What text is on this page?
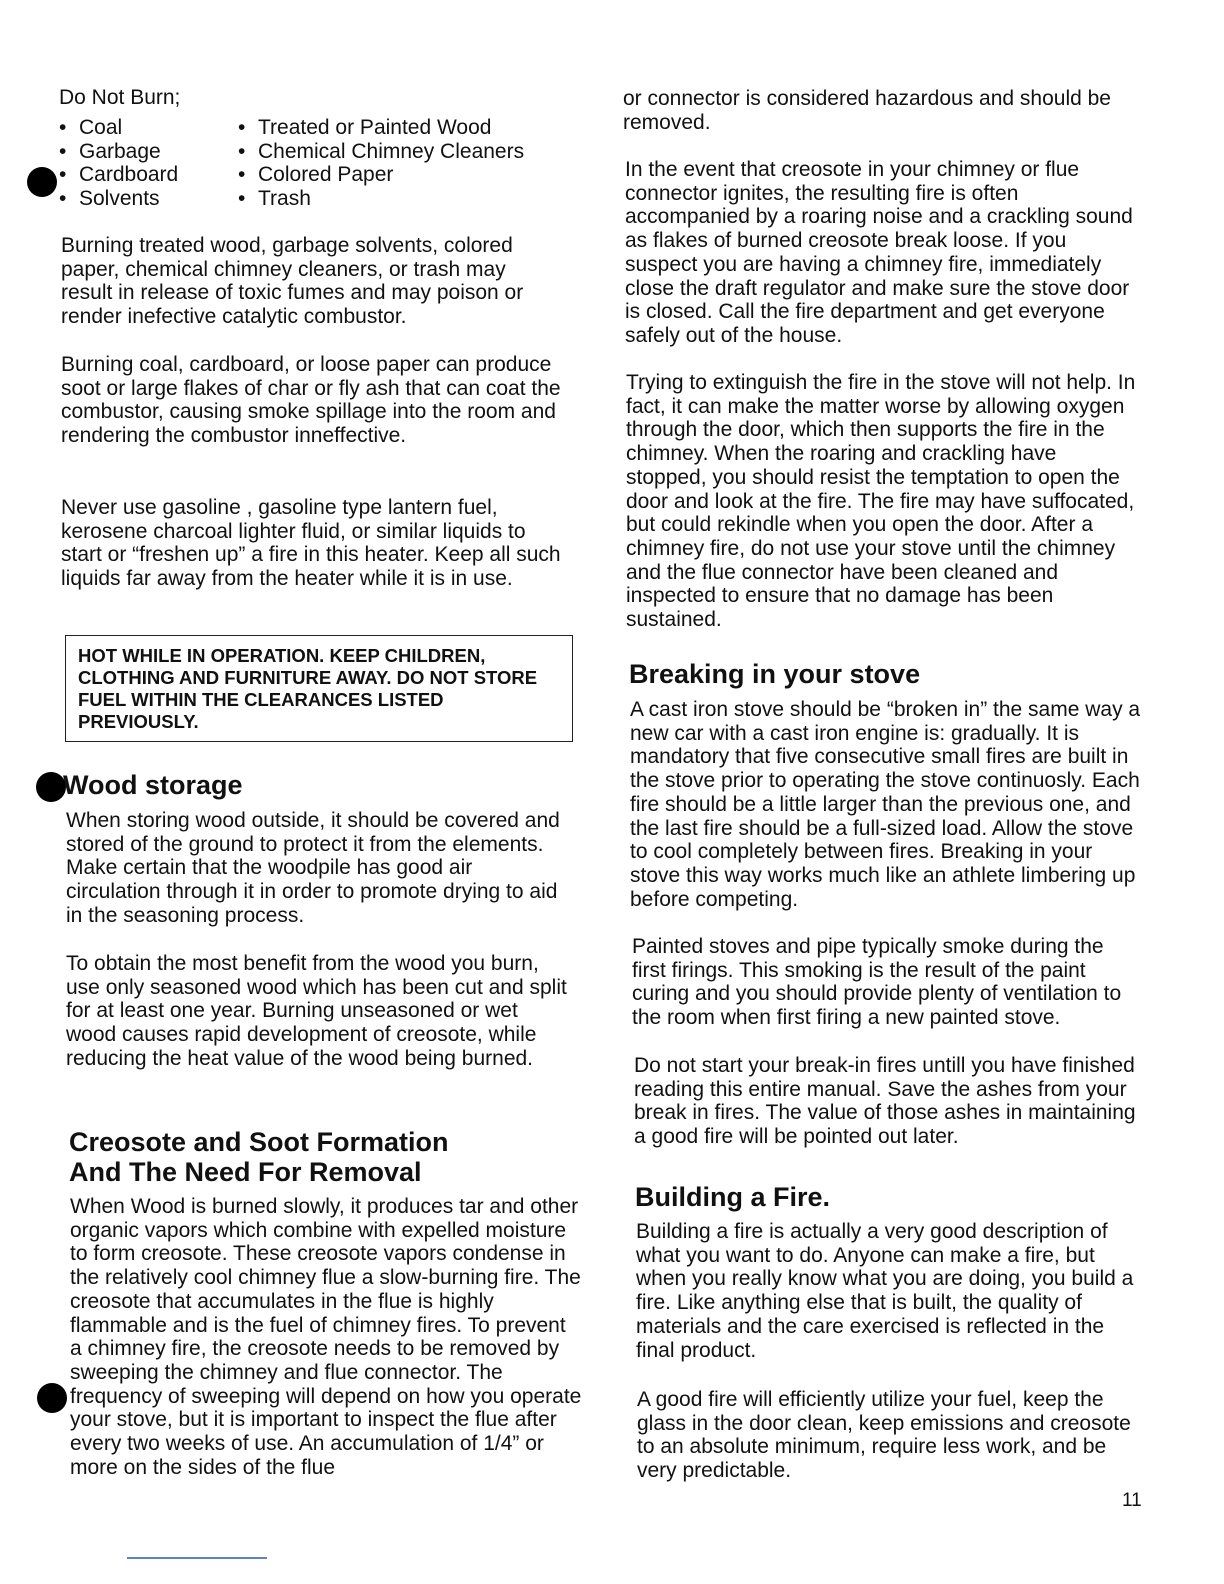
Do Not Burn;
• Coal
• Garbage
• Cardboard
• Solvents
• Treated or Painted Wood
• Chemical Chimney Cleaners
• Colored Paper
• Trash

Burning treated wood, garbage solvents, colored paper, chemical chimney cleaners, or trash may result in release of toxic fumes and may poison or render inefective catalytic combustor.

Burning coal, cardboard, or loose paper can produce soot or large flakes of char or fly ash that can coat the combustor, causing smoke spillage into the room and rendering the combustor inneffective.

Never use gasoline , gasoline type lantern fuel, kerosene charcoal lighter fluid, or similar liquids to start or “freshen up” a fire in this heater. Keep all such liquids far away from the heater while it is in use.

HOT WHILE IN OPERATION. KEEP CHILDREN, CLOTHING AND FURNITURE AWAY. DO NOT STORE FUEL WITHIN THE CLEARANCES LISTED PREVIOUSLY.
Wood storage

When storing wood outside, it should be covered and stored of the ground to protect it from the elements. Make certain that the woodpile has good air circulation through it in order to promote drying to aid in the seasoning process.

To obtain the most benefit from the wood you burn, use only seasoned wood which has been cut and split for at least one year. Burning unseasoned or wet wood causes rapid development of creosote, while reducing the heat value of the wood being burned.

Creosote and Soot Formation
And The Need For Removal

When Wood is burned slowly, it produces tar and other organic vapors which combine with expelled moisture to form creosote. These creosote vapors condense in the relatively cool chimney flue a slow-burning fire. The creosote that accumulates in the flue is highly flammable and is the fuel of chimney fires. To prevent a chimney fire, the creosote needs to be removed by sweeping the chimney and flue connector. The frequency of sweeping will depend on how you operate your stove, but it is important to inspect the flue after every two weeks of use. An accumulation of 1/4” or more on the sides of the flue

or connector is considered hazardous and should be removed.

In the event that creosote in your chimney or flue connector ignites, the resulting fire is often accompanied by a roaring noise and a crackling sound as flakes of burned creosote break loose. If you suspect you are having a chimney fire, immediately close the draft regulator and make sure the stove door is closed. Call the fire department and get everyone safely out of the house.

Trying to extinguish the fire in the stove will not help. In fact, it can make the matter worse by allowing oxygen through the door, which then supports the fire in the chimney. When the roaring and crackling have stopped, you should resist the temptation to open the door and look at the fire. The fire may have suffocated, but could rekindle when you open the door. After a chimney fire, do not use your stove until the chimney and the flue connector have been cleaned and inspected to ensure that no damage has been sustained.

Breaking in your stove

A cast iron stove should be “broken in” the same way a new car with a cast iron engine is: gradually. It is mandatory that five consecutive small fires are built in the stove prior to operating the stove continuosly. Each fire should be a little larger than the previous one, and the last fire should be a full-sized load. Allow the stove to cool completely between fires. Breaking in your stove this way works much like an athlete limbering up before competing.

Painted stoves and pipe typically smoke during the first firings. This smoking is the result of the paint curing and you should provide plenty of ventilation to the room when first firing a new painted stove.

Do not start your break-in fires untill you have finished reading this entire manual. Save the ashes from your break in fires. The value of those ashes in maintaining a good fire will be pointed out later.

Building a Fire.

Building a fire is actually a very good description of what you want to do. Anyone can make a fire, but when you really know what you are doing, you build a fire. Like anything else that is built, the quality of materials and the care exercised is reflected in the final product.

A good fire will efficiently utilize your fuel, keep the glass in the door clean, keep emissions and creosote to an absolute minimum, require less work, and be very predictable.

11
